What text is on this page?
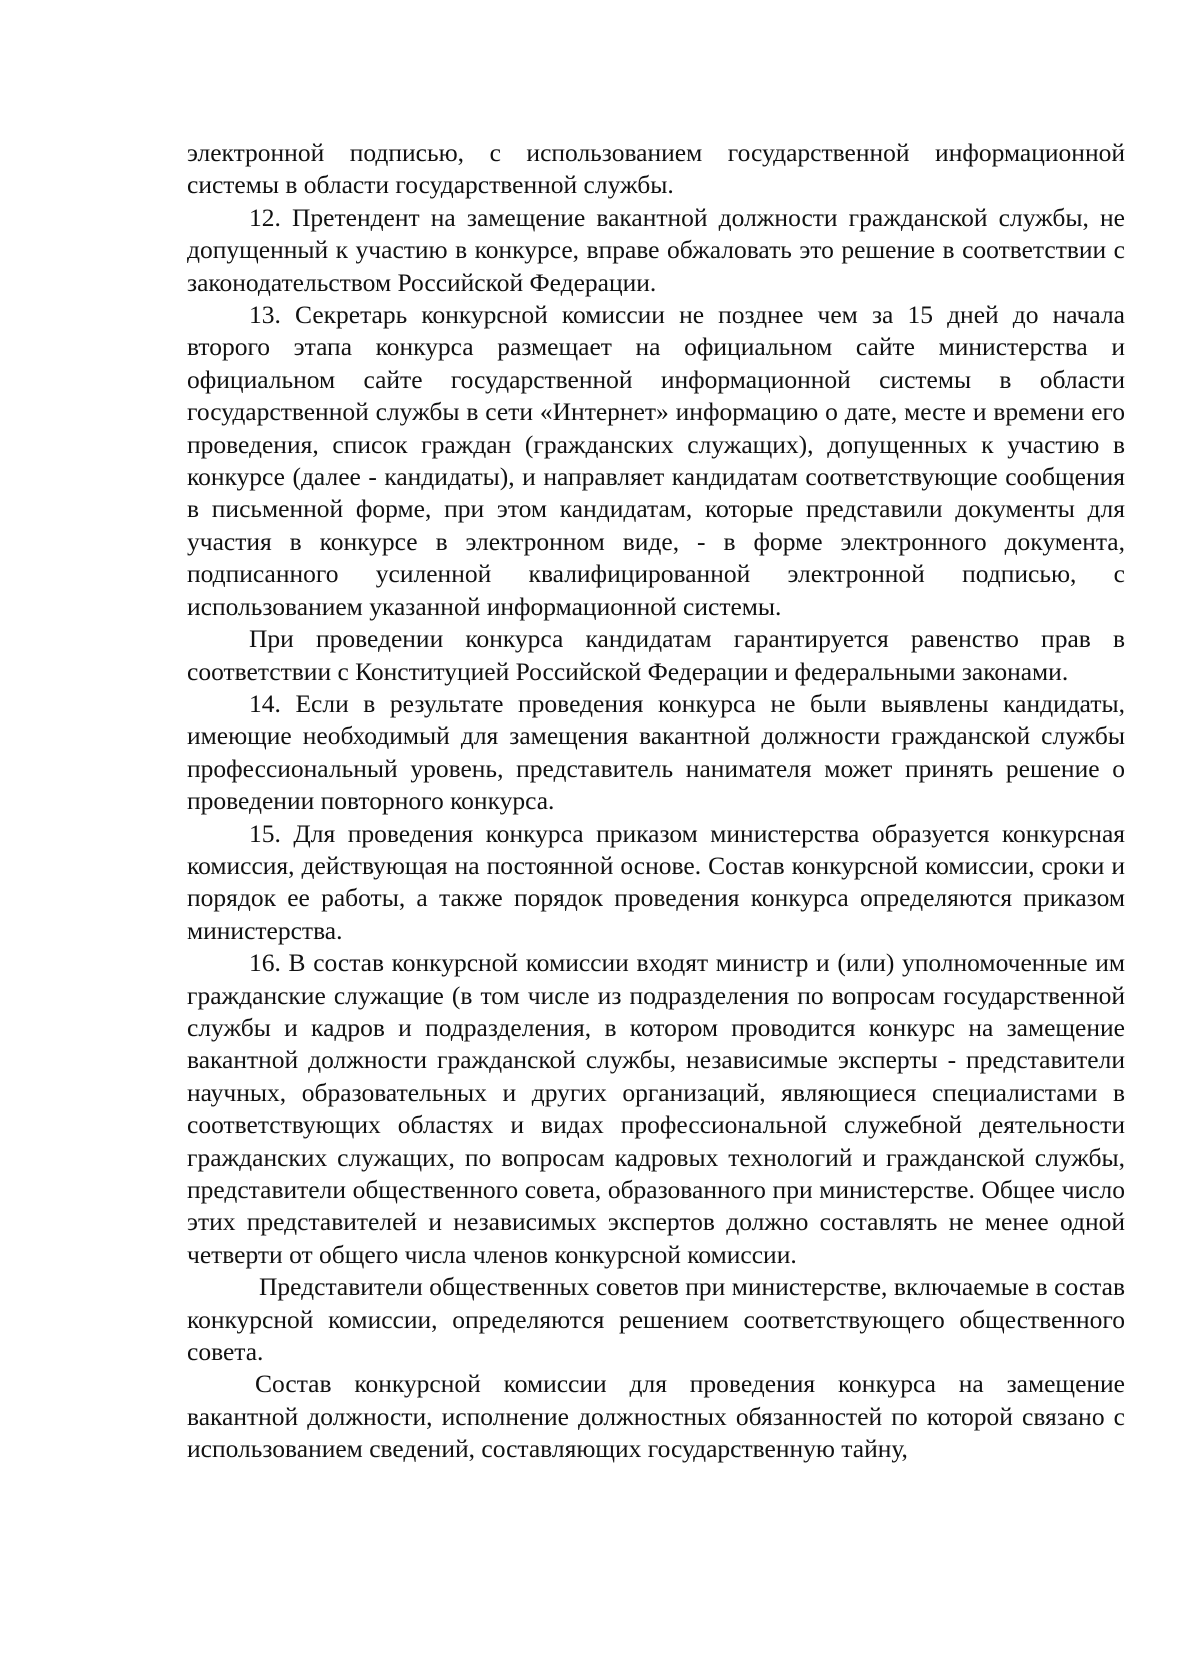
электронной подписью, с использованием государственной информационной системы в области государственной службы.

12. Претендент на замещение вакантной должности гражданской службы, не допущенный к участию в конкурсе, вправе обжаловать это решение в соответствии с законодательством Российской Федерации.

13. Секретарь конкурсной комиссии не позднее чем за 15 дней до начала второго этапа конкурса размещает на официальном сайте министерства и официальном сайте государственной информационной системы в области государственной службы в сети «Интернет» информацию о дате, месте и времени его проведения, список граждан (гражданских служащих), допущенных к участию в конкурсе (далее - кандидаты), и направляет кандидатам соответствующие сообщения в письменной форме, при этом кандидатам, которые представили документы для участия в конкурсе в электронном виде, - в форме электронного документа, подписанного усиленной квалифицированной электронной подписью, с использованием указанной информационной системы.

При проведении конкурса кандидатам гарантируется равенство прав в соответствии с Конституцией Российской Федерации и федеральными законами.

14. Если в результате проведения конкурса не были выявлены кандидаты, имеющие необходимый для замещения вакантной должности гражданской службы профессиональный уровень, представитель нанимателя может принять решение о проведении повторного конкурса.

15. Для проведения конкурса приказом министерства образуется конкурсная комиссия, действующая на постоянной основе. Состав конкурсной комиссии, сроки и порядок ее работы, а также порядок проведения конкурса определяются приказом министерства.

16. В состав конкурсной комиссии входят министр и (или) уполномоченные им гражданские служащие (в том числе из подразделения по вопросам государственной службы и кадров и подразделения, в котором проводится конкурс на замещение вакантной должности гражданской службы, независимые эксперты - представители научных, образовательных и других организаций, являющиеся специалистами в соответствующих областях и видах профессиональной служебной деятельности гражданских служащих, по вопросам кадровых технологий и гражданской службы, представители общественного совета, образованного при министерстве. Общее число этих представителей и независимых экспертов должно составлять не менее одной четверти от общего числа членов конкурсной комиссии.

Представители общественных советов при министерстве, включаемые в состав конкурсной комиссии, определяются решением соответствующего общественного совета.

Состав конкурсной комиссии для проведения конкурса на замещение вакантной должности, исполнение должностных обязанностей по которой связано с использованием сведений, составляющих государственную тайну,
